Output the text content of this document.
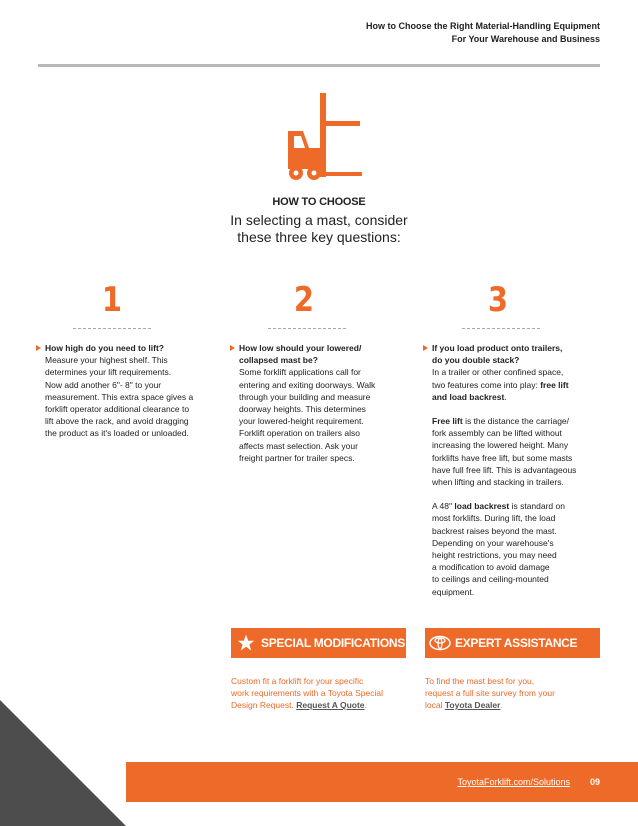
How to Choose the Right Material-Handling Equipment
For Your Warehouse and Business
HOW TO CHOOSE
In selecting a mast, consider
these three key questions:
1	2	3
How high do you need to lift?
Measure your highest shelf. This
determines your lift requirements.
Now add another 6"- 8" to your
measurement. This extra space gives a
forklift operator additional clearance to
lift above the rack, and avoid dragging
the product as it's loaded or unloaded.
How low should your lowered/
collapsed mast be?
Some forklift applications call for
entering and exiting doorways. Walk
through your building and measure
doorway heights. This determines
your lowered-height requirement.
Forklift operation on trailers also
affects mast selection. Ask your
freight partner for trailer specs.
If you load product onto trailers,
do you double stack?
In a trailer or other confined space,
two features come into play: free lift
and load backrest.
Free lift is the distance the carriage/
fork assembly can be lifted without
increasing the lowered height. Many
forklifts have free lift, but some masts
have full free lift. This is advantageous
when lifting and stacking in trailers.
A 48" load backrest is standard on
most forklifts. During lift, the load
backrest raises beyond the mast.
Depending on your warehouse's
height restrictions, you may need
a modification to avoid damage
to ceilings and ceiling-mounted
equipment.
SPECIAL MODIFICATIONS
Custom fit a forklift for your specific
work requirements with a Toyota Special
Design Request. Request A Quote.
EXPERT ASSISTANCE
To find the mast best for you,
request a full site survey from your
local Toyota Dealer.
ToyotaForklift.com/Solutions 09
